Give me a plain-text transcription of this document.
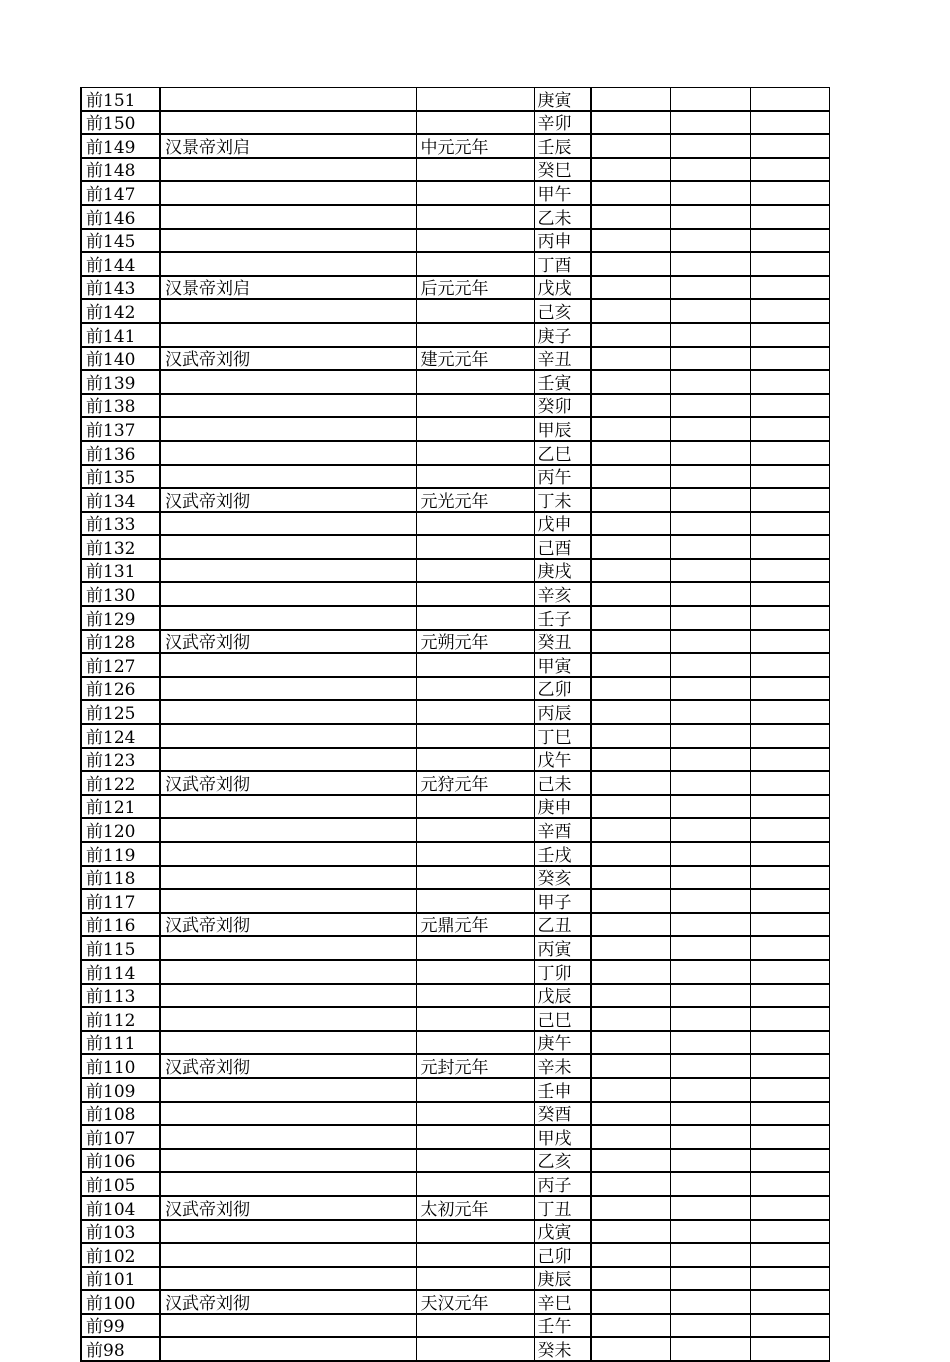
前151			庚寅			
前150			辛卯			
前149	汉景帝刘启	中元元年	壬辰			
前148			癸巳			
前147			甲午			
前146			乙未			
前145			丙申			
前144			丁酉			
前143	汉景帝刘启	后元元年	戊戌			
前142			己亥			
前141			庚子			
前140	汉武帝刘彻	建元元年	辛丑			
前139			壬寅			
前138			癸卯			
前137			甲辰			
前136			乙巳			
前135			丙午			
前134	汉武帝刘彻	元光元年	丁未			
前133			戊申			
前132			己酉			
前131			庚戌			
前130			辛亥			
前129			壬子			
前128	汉武帝刘彻	元朔元年	癸丑			
前127			甲寅			
前126			乙卯			
前125			丙辰			
前124			丁巳			
前123			戊午			
前122	汉武帝刘彻	元狩元年	己未			
前121			庚申			
前120			辛酉			
前119			壬戌			
前118			癸亥			
前117			甲子			
前116	汉武帝刘彻	元鼎元年	乙丑			
前115			丙寅			
前114			丁卯			
前113			戊辰			
前112			己巳			
前111			庚午			
前110	汉武帝刘彻	元封元年	辛未			
前109			壬申			
前108			癸酉			
前107			甲戌			
前106			乙亥			
前105			丙子			
前104	汉武帝刘彻	太初元年	丁丑			
前103			戊寅			
前102			己卯			
前101			庚辰			
前100	汉武帝刘彻	天汉元年	辛巳			
前99			壬午			
前98			癸未			
